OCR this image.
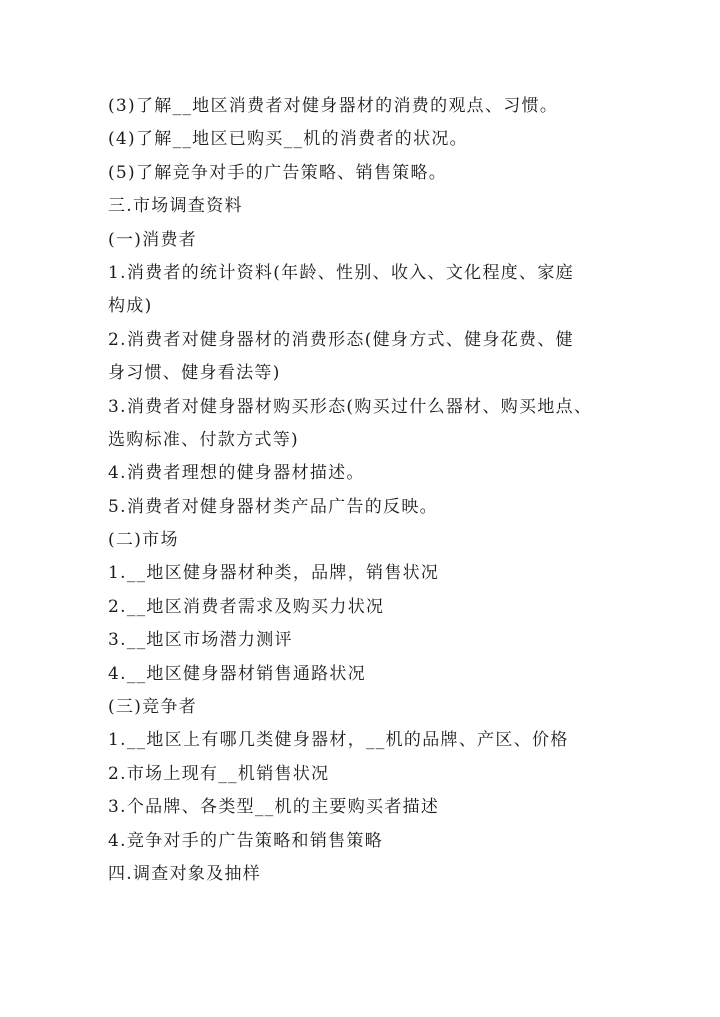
(3)了解__地区消费者对健身器材的消费的观点、习惯。
(4)了解__地区已购买__机的消费者的状况。
(5)了解竞争对手的广告策略、销售策略。
三.市场调查资料
(一)消费者
1.消费者的统计资料(年龄、性别、收入、文化程度、家庭
构成)
2.消费者对健身器材的消费形态(健身方式、健身花费、健
身习惯、健身看法等)
3.消费者对健身器材购买形态(购买过什么器材、购买地点、
选购标准、付款方式等)
4.消费者理想的健身器材描述。
5.消费者对健身器材类产品广告的反映。
(二)市场
1.__地区健身器材种类，品牌，销售状况
2.__地区消费者需求及购买力状况
3.__地区市场潜力测评
4.__地区健身器材销售通路状况
(三)竞争者
1.__地区上有哪几类健身器材，__机的品牌、产区、价格
2.市场上现有__机销售状况
3.个品牌、各类型__机的主要购买者描述
4.竞争对手的广告策略和销售策略
四.调查对象及抽样
